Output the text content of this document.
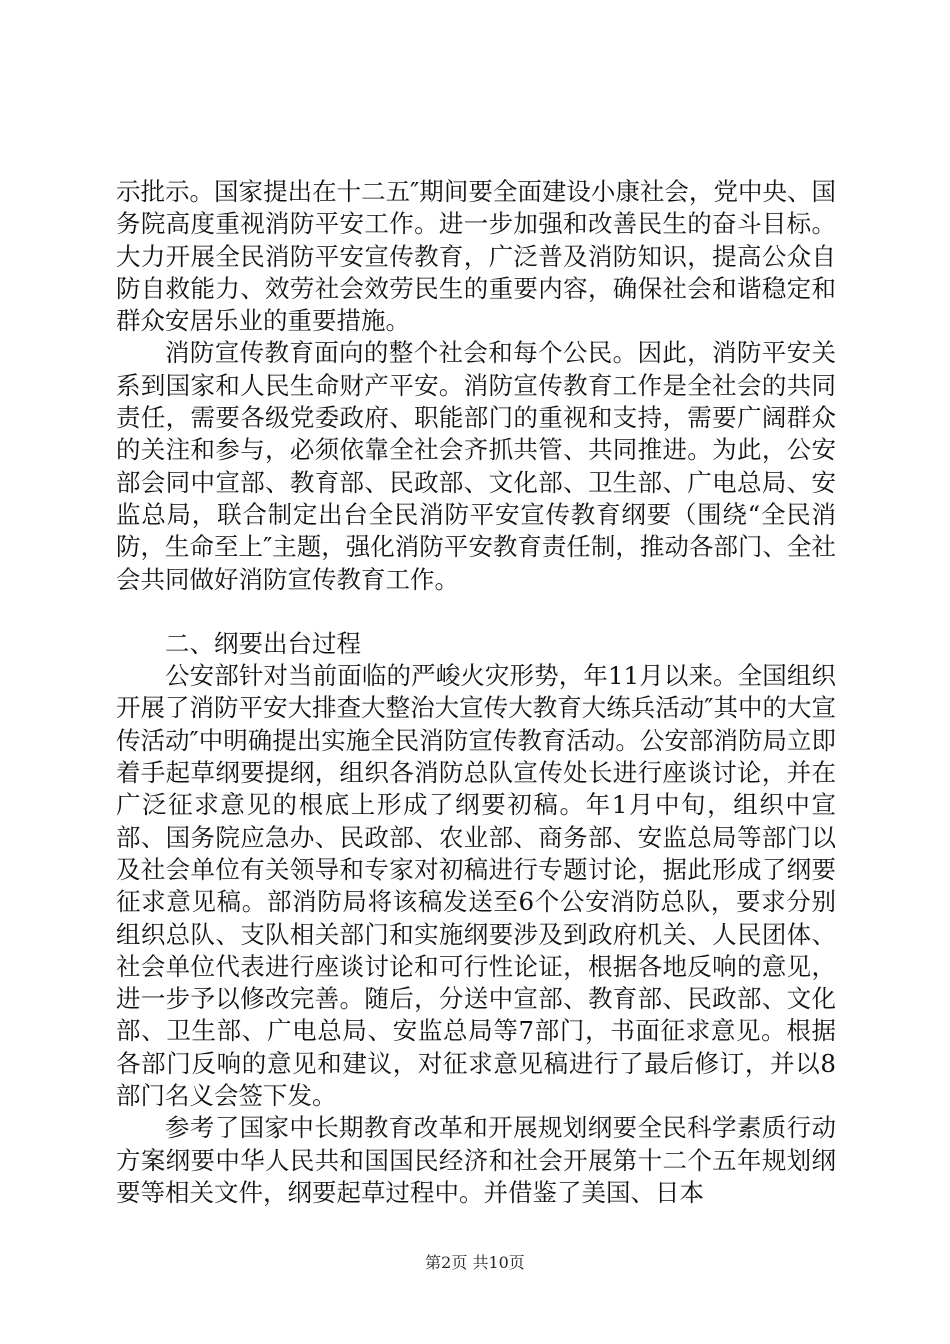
示批示。国家提出在十二五″期间要全面建设小康社会，党中央、国务院高度重视消防平安工作。进一步加强和改善民生的奋斗目标。大力开展全民消防平安宣传教育，广泛普及消防知识，提高公众自防自救能力、效劳社会效劳民生的重要内容，确保社会和谐稳定和群众安居乐业的重要措施。

消防宣传教育面向的整个社会和每个公民。因此，消防平安关系到国家和人民生命财产平安。消防宣传教育工作是全社会的共同责任，需要各级党委政府、职能部门的重视和支持，需要广阔群众的关注和参与，必须依靠全社会齐抓共管、共同推进。为此，公安部会同中宣部、教育部、民政部、文化部、卫生部、广电总局、安监总局，联合制定出台全民消防平安宣传教育纲要（围绕“全民消防，生命至上″主题，强化消防平安教育责任制，推动各部门、全社会共同做好消防宣传教育工作。

二、纲要出台过程

公安部针对当前面临的严峻火灾形势，年11月以来。全国组织开展了消防平安大排查大整治大宣传大教育大练兵活动″其中的大宣传活动″中明确提出实施全民消防宣传教育活动。公安部消防局立即着手起草纲要提纲，组织各消防总队宣传处长进行座谈讨论，并在广泛征求意见的根底上形成了纲要初稿。年1月中旬，组织中宣部、国务院应急办、民政部、农业部、商务部、安监总局等部门以及社会单位有关领导和专家对初稿进行专题讨论，据此形成了纲要征求意见稿。部消防局将该稿发送至6个公安消防总队，要求分别组织总队、支队相关部门和实施纲要涉及到政府机关、人民团体、社会单位代表进行座谈讨论和可行性论证，根据各地反响的意见，进一步予以修改完善。随后，分送中宣部、教育部、民政部、文化部、卫生部、广电总局、安监总局等7部门，书面征求意见。根据各部门反响的意见和建议，对征求意见稿进行了最后修订，并以8部门名义会签下发。

参考了国家中长期教育改革和开展规划纲要全民科学素质行动方案纲要中华人民共和国国民经济和社会开展第十二个五年规划纲要等相关文件，纲要起草过程中。并借鉴了美国、日本

第2页 共10页
